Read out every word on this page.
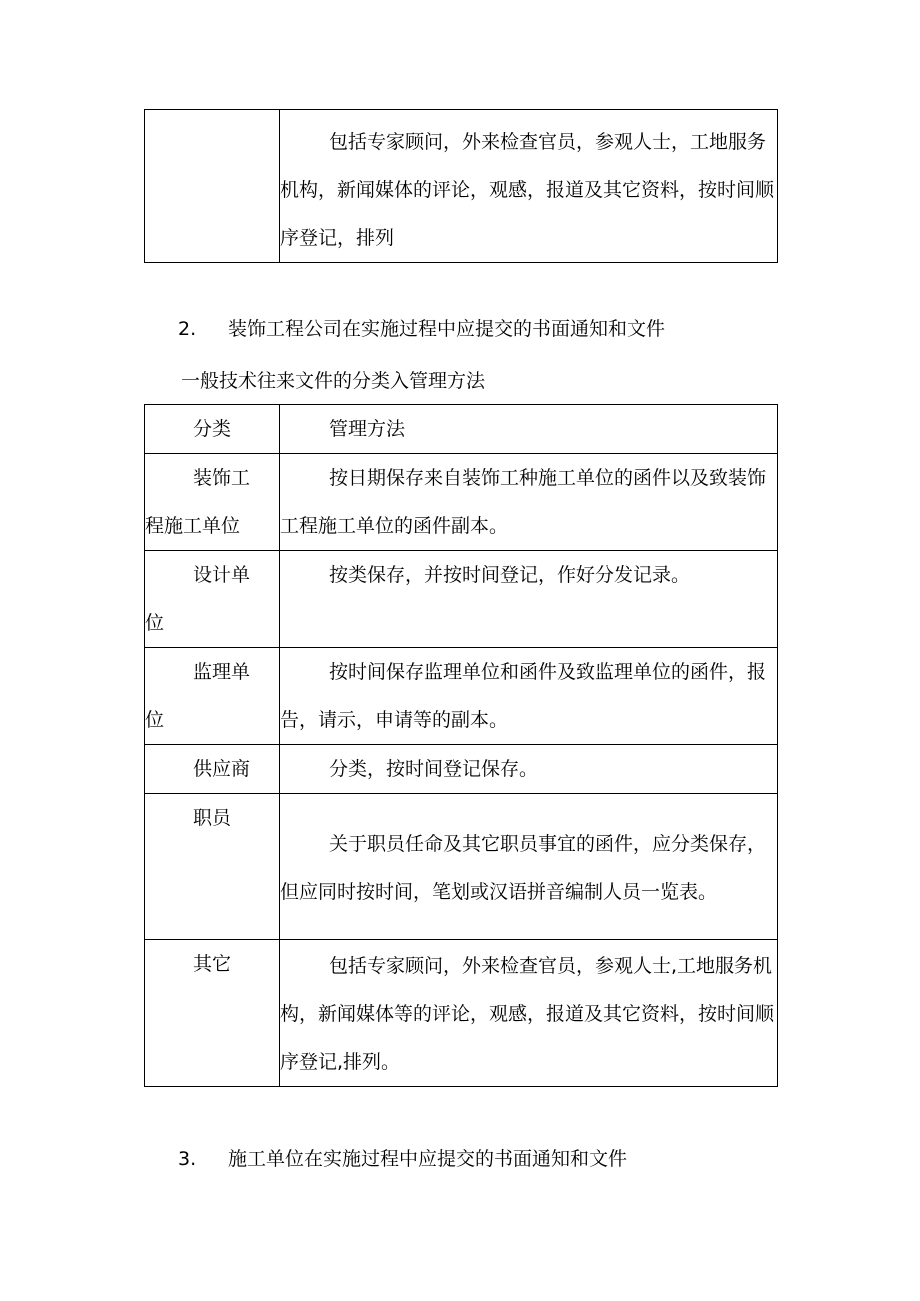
	包括专家顾问，外来检查官员，参观人士，工地服务机构，新闻媒体的评论，观感，报道及其它资料，按时间顺序登记，排列
2. 装饰工程公司在实施过程中应提交的书面通知和文件
一般技术往来文件的分类入管理方法
分类	管理方法

装饰工
程施工单位	按日期保存来自装饰工种施工单位的函件以及致装饰工程施工单位的函件副本。

设计单
位	按类保存，并按时间登记，作好分发记录。

监理单
位	按时间保存监理单位和函件及致监理单位的函件，报告，请示，申请等的副本。

供应商	分类，按时间登记保存。

职员	关于职员任命及其它职员事宜的函件，应分类保存，但应同时按时间，笔划或汉语拼音编制人员一览表。

其它	包括专家顾问，外来检查官员，参观人士,工地服务机构，新闻媒体等的评论，观感，报道及其它资料，按时间顺序登记,排列。
3. 施工单位在实施过程中应提交的书面通知和文件
